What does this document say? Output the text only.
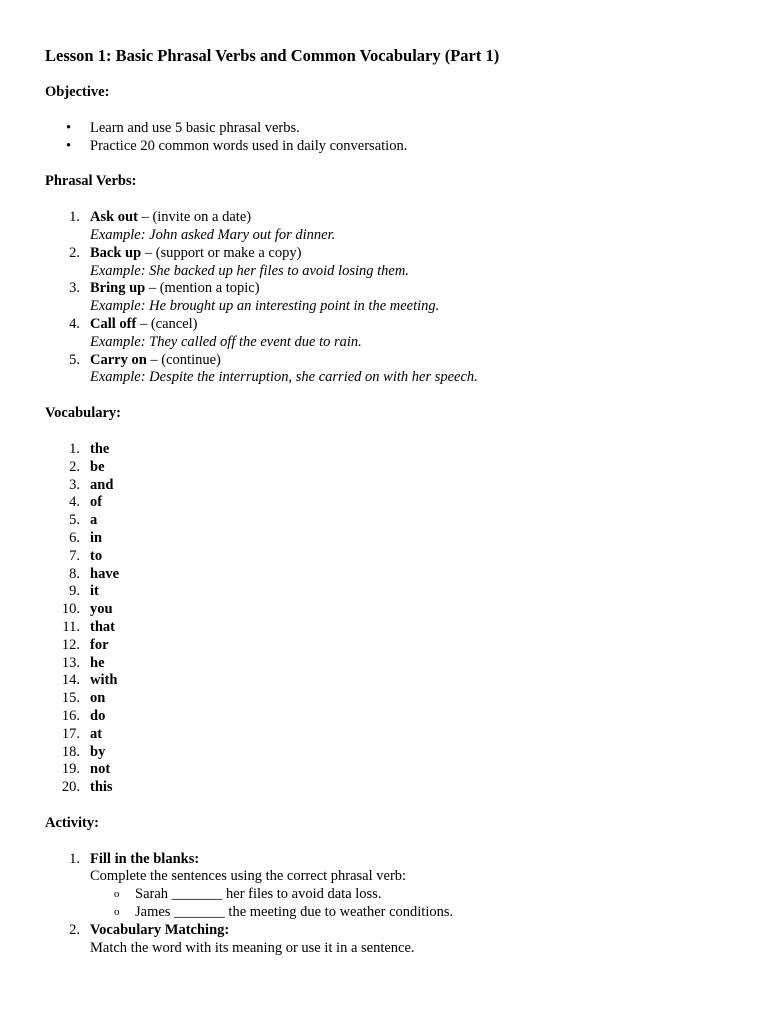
Lesson 1: Basic Phrasal Verbs and Common Vocabulary (Part 1)

Objective:

• Learn and use 5 basic phrasal verbs.
• Practice 20 common words used in daily conversation.

Phrasal Verbs:

1. Ask out – (invite on a date)
Example: John asked Mary out for dinner.
2. Back up – (support or make a copy)
Example: She backed up her files to avoid losing them.
3. Bring up – (mention a topic)
Example: He brought up an interesting point in the meeting.
4. Call off – (cancel)
Example: They called off the event due to rain.
5. Carry on – (continue)
Example: Despite the interruption, she carried on with her speech.

Vocabulary:

1. the
2. be
3. and
4. of
5. a
6. in
7. to
8. have
9. it
10. you
11. that
12. for
13. he
14. with
15. on
16. do
17. at
18. by
19. not
20. this

Activity:

1. Fill in the blanks:
Complete the sentences using the correct phrasal verb:
o Sarah _______ her files to avoid data loss.
o James _______ the meeting due to weather conditions.
2. Vocabulary Matching:
Match the word with its meaning or use it in a sentence.
